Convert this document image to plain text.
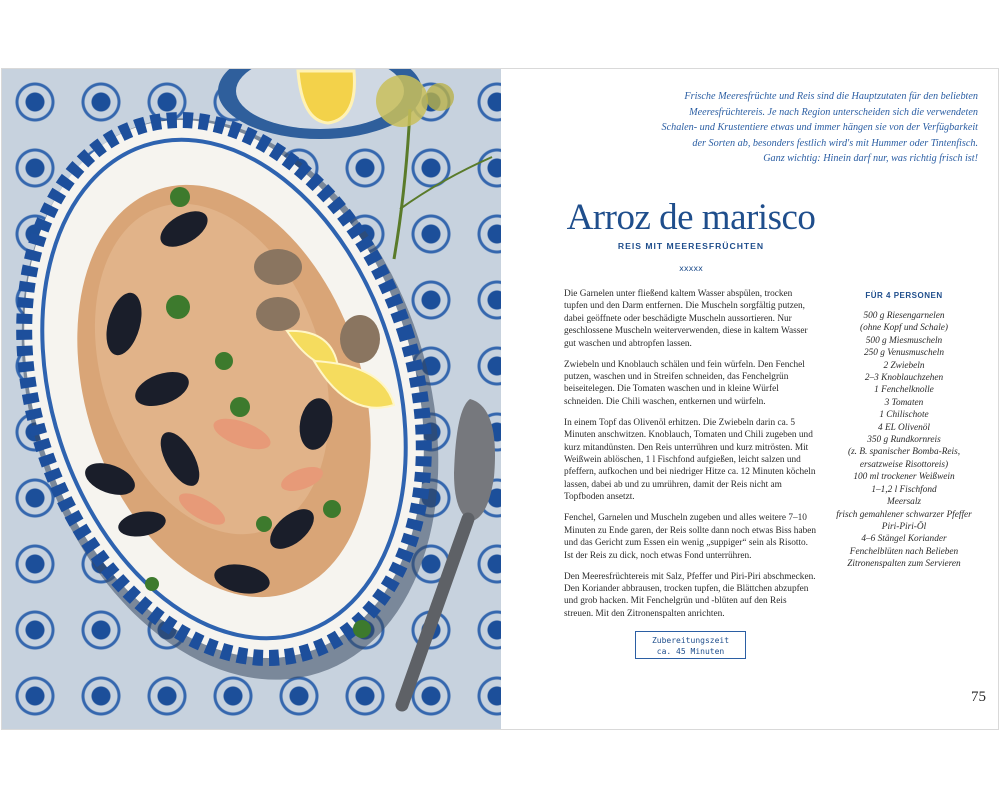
Frische Meeresfrüchte und Reis sind die Hauptzutaten für den beliebten
Meeresfrüchtereis. Je nach Region unterscheiden sich die verwendeten
Schalen- und Krustentiere etwas und immer hängen sie von der Verfügbarkeit
der Sorten ab, besonders festlich wird's mit Hummer oder Tintenfisch.
Ganz wichtig: Hinein darf nur, was richtig frisch ist!
Arroz de marisco
REIS MIT MEERESFRÜCHTEN
xxxxx

Die Garnelen unter fließend kaltem Wasser abspülen, trocken tupfen und den Darm entfernen. Die Muscheln sorgfältig putzen, dabei geöffnete oder beschädigte Muscheln aussortieren. Nur geschlossene Muscheln weiterverwenden, diese in kaltem Wasser gut waschen und abtropfen lassen.

Zwiebeln und Knoblauch schälen und fein würfeln. Den Fenchel putzen, waschen und in Streifen schneiden, das Fenchelgrün beiseitelegen. Die Tomaten waschen und in kleine Würfel schneiden. Die Chili waschen, entkernen und würfeln.

In einem Topf das Olivenöl erhitzen. Die Zwiebeln darin ca. 5 Minuten anschwitzen. Knoblauch, Tomaten und Chili zugeben und kurz mitandünsten. Den Reis unterrühren und kurz mitrösten. Mit Weißwein ablöschen, 1 l Fischfond aufgießen, leicht salzen und pfeffern, aufkochen und bei niedriger Hitze ca. 12 Minuten köcheln lassen, dabei ab und zu umrühren, damit der Reis nicht am Topfboden ansetzt.

Fenchel, Garnelen und Muscheln zugeben und alles weitere 7–10 Minuten zu Ende garen, der Reis sollte dann noch etwas Biss haben und das Gericht zum Essen ein wenig „suppiger“ sein als Risotto. Ist der Reis zu dick, noch etwas Fond unterrühren.

Den Meeresfrüchtereis mit Salz, Pfeffer und Piri-Piri abschmecken. Den Koriander abbrausen, trocken tupfen, die Blättchen abzupfen und grob hacken. Mit Fenchelgrün und -blüten auf den Reis streuen. Mit den Zitronenspalten anrichten.

FÜR 4 PERSONEN
500 g Riesengarnelen
(ohne Kopf und Schale)
500 g Miesmuscheln
250 g Venusmuscheln
2 Zwiebeln
2–3 Knoblauchzehen
1 Fenchelknolle
3 Tomaten
1 Chilischote
4 EL Olivenöl
350 g Rundkornreis
(z. B. spanischer Bomba-Reis,
ersatzweise Risottoreis)
100 ml trockener Weißwein
1–1,2 l Fischfond
Meersalz
frisch gemahlener schwarzer Pfeffer
Piri-Piri-Öl
4–6 Stängel Koriander
Fenchelblüten nach Belieben
Zitronenspalten zum Servieren
Zubereitungszeit
ca. 45 Minuten
75
